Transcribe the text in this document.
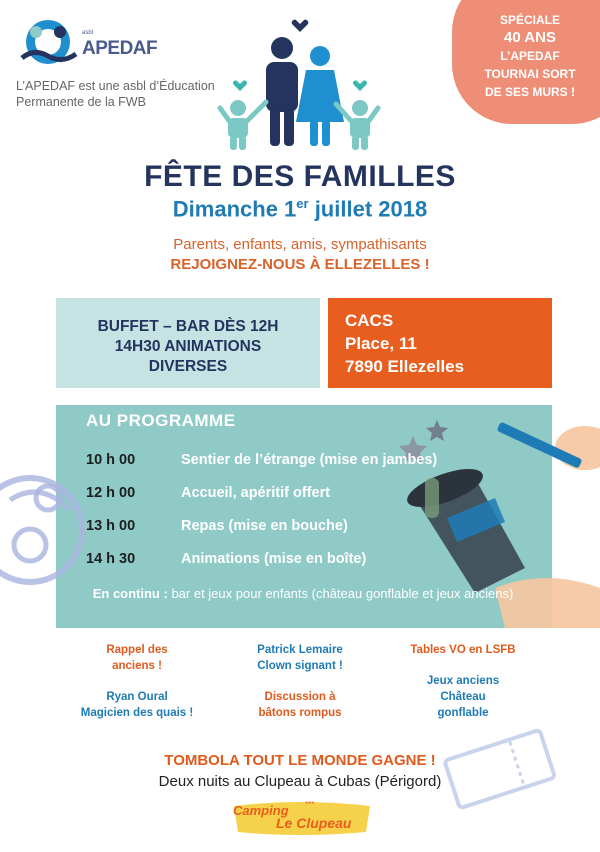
asbl
APEDAF
L’APEDAF est une asbl d’Éducation Permanente de la FWB
SPÉCIALE
40 ANS
L’APEDAF
TOURNAI SORT
DE SES MURS !
FÊTE DES FAMILLES
Dimanche 1er juillet 2018
Parents, enfants, amis, sympathisants
REJOIGNEZ-NOUS À ELLEZELLES !
BUFFET – BAR DÈS 12H
14H30 ANIMATIONS
DIVERSES
CACS
Place, 11
7890 Ellezelles
AU PROGRAMME
10 h 00	Sentier de l’étrange (mise en jambes)
12 h 00	Accueil, apéritif offert
13 h 00	Repas (mise en bouche)
14 h 30	Animations (mise en boîte)
En continu : bar et jeux pour enfants (château gonflable et jeux anciens)
Rappel des
anciens !
Patrick Lemaire
Clown signant !
Tables VO en LSFB
Ryan Oural
Magicien des quais !
Discussion à
bâtons rompus
Jeux anciens
Château
gonflable
TOMBOLA TOUT LE MONDE GAGNE !
Deux nuits au Clupeau à Cubas (Périgord)
Camping ***
Le Clupeau
